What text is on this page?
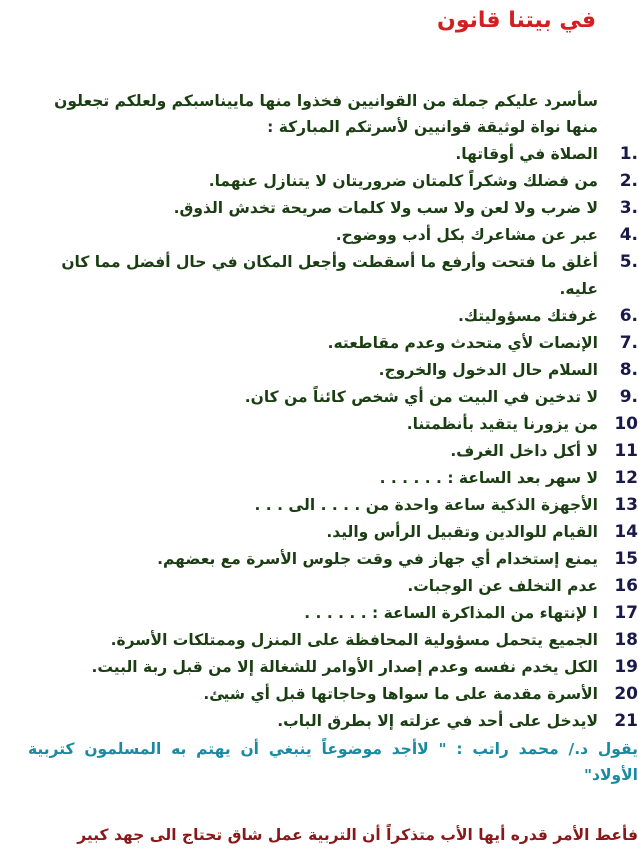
في بيتنا قانون
سأسرد عليكم جملة من القوانيين فخذوا منها ماييناسبكم ولعلكم تجعلون منها نواة لوثيقة قوانيين لأسرتكم المباركة :
1.
الصلاة في أوقاتها.
2.
من فضلك وشكراً كلمتان ضروريتان لا يتنازل عنهما.
3.
لا ضرب ولا لعن ولا سب ولا كلمات صريحة تخدش الذوق.
4.
عبر عن مشاعرك بكل أدب ووضوح.
5.
أغلق ما فتحت وأرفع ما أسقطت وأجعل المكان في حال أفضل مما كان عليه.
6.
غرفتك مسؤوليتك.
7.
الإنصات لأي متحدث وعدم مقاطعته.
8.
السلام حال الدخول والخروج.
9.
لا تدخين في البيت من أي شخص كائناً من كان.
10
من يزورنا يتقيد بأنظمتنا.
11
لا أكل داخل الغرف.
12
لا سهر بعد الساعة : . . . . . .
13
الأجهزة الذكية ساعة واحدة من . . . . الى . . .
14
القيام للوالدين وتقبيل الرأس واليد.
15
يمنع إستخدام أي جهاز في وقت جلوس الأسرة مع بعضهم.
16
عدم التخلف عن الوجبات.
17
ا لإنتهاء من المذاكرة الساعة : . . . . . .
18
الجميع يتحمل مسؤولية المحافظة على المنزل وممتلكات الأسرة.
19
الكل يخدم نفسه وعدم إصدار الأوامر للشغالة إلا من قبل ربة البيت.
20
الأسرة مقدمة على ما سواها وحاجاتها قبل أي شيئ.
21
لايدخل على أحد في عزلته إلا بطرق الباب.
يقول د./ محمد راتب : " لاأجد موضوعاً ينبغي أن يهتم به المسلمون كتربية الأولاد"
فأعط الأمر قدره أيها الأب متذكراً أن التربية عمل شاق تحتاج الى جهد كبير
